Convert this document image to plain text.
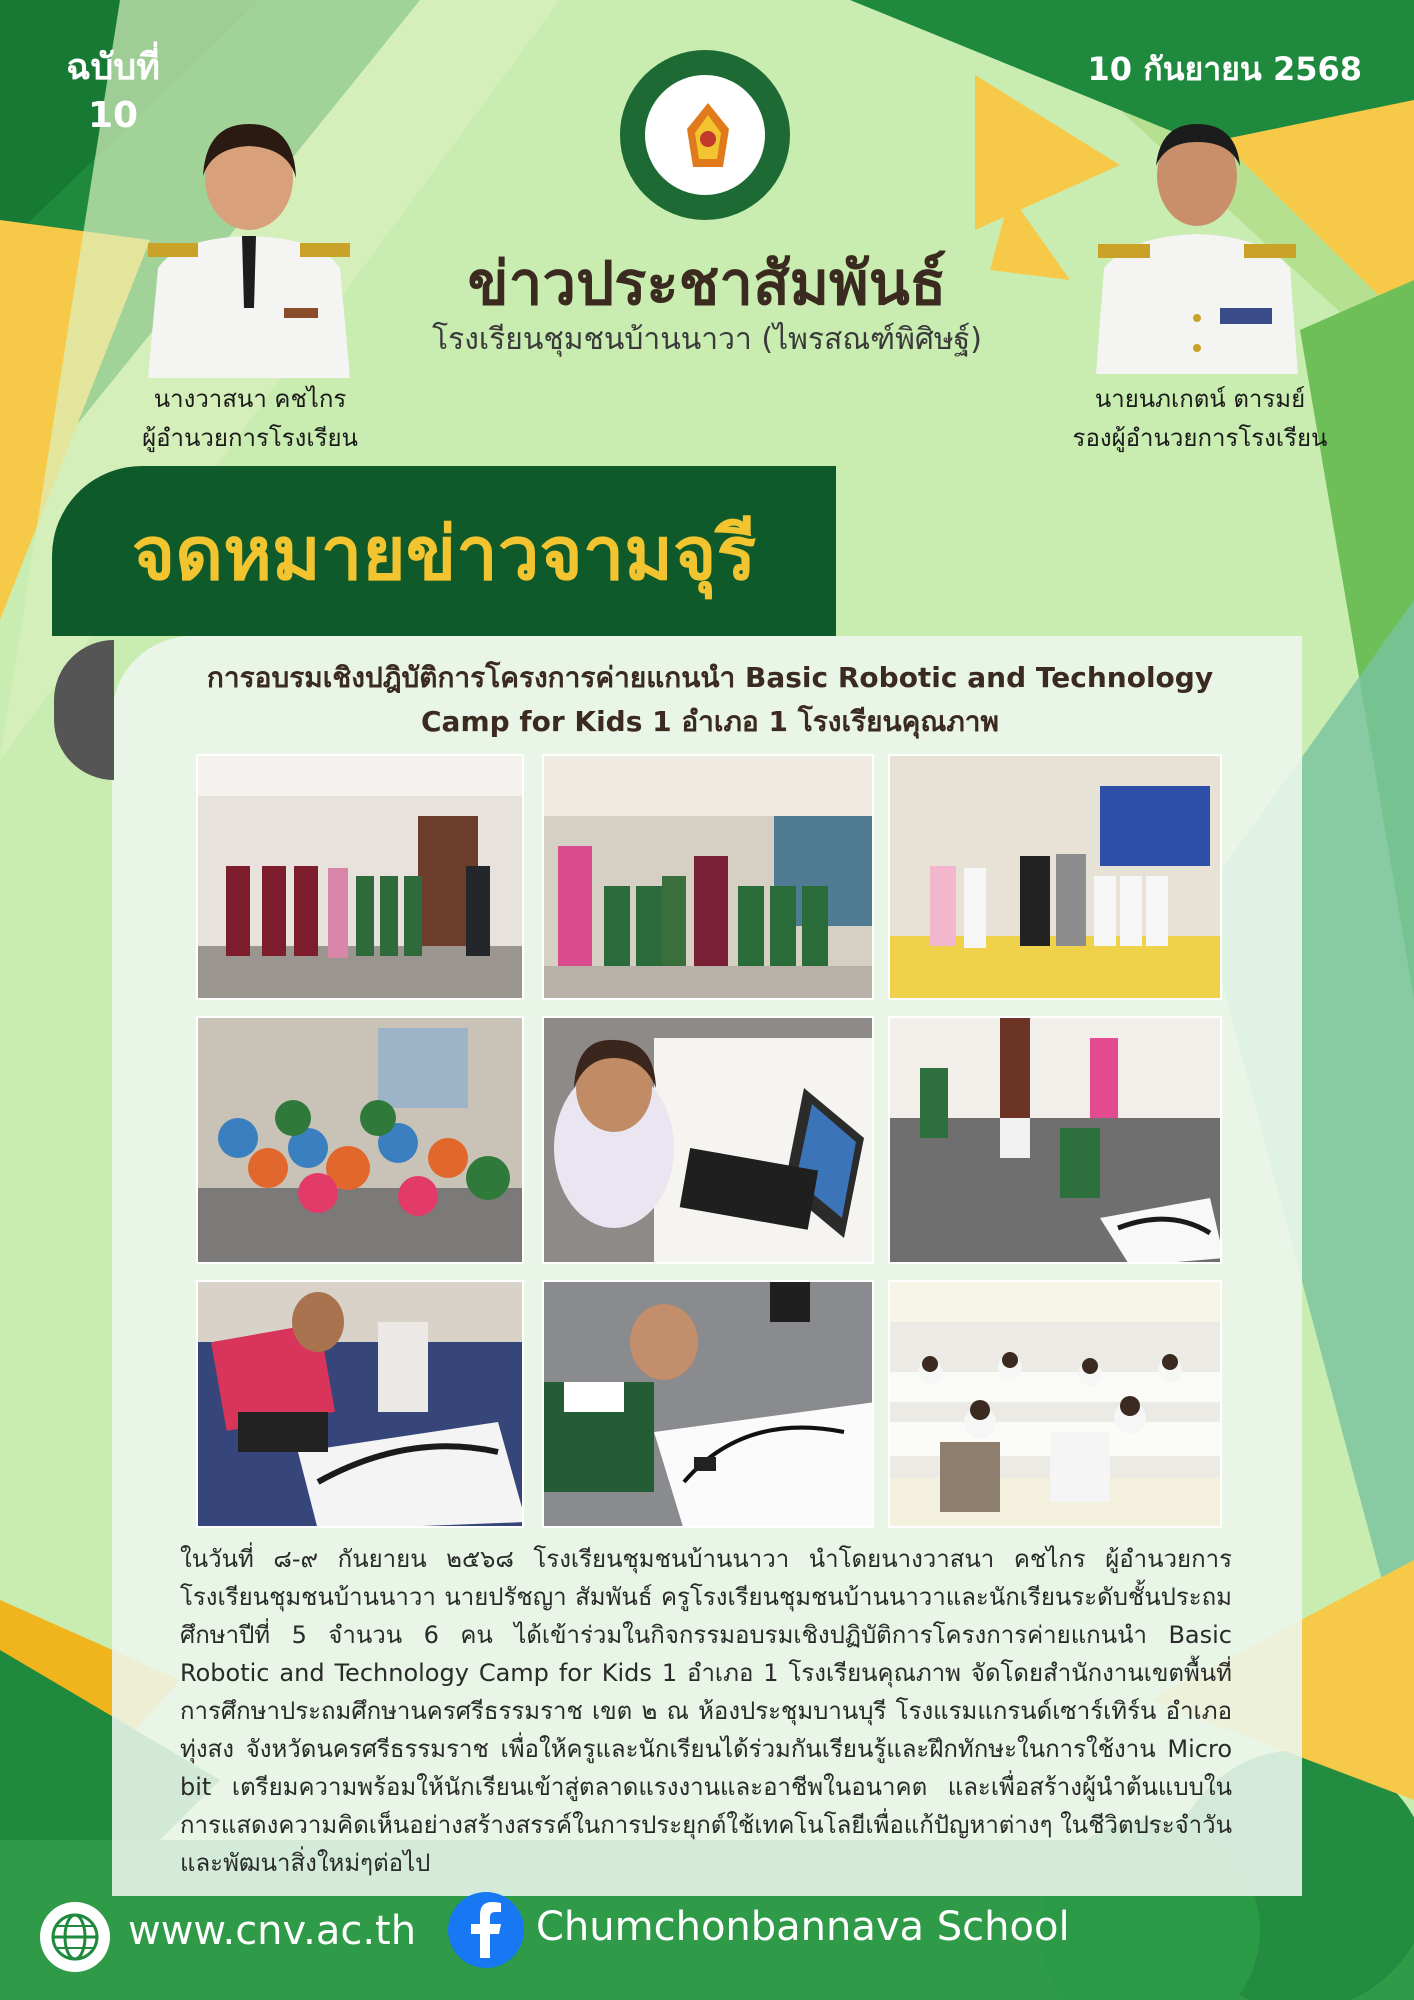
ฉบับที่
10
10 กันยายน 2568
นางวาสนา คชไกร
ผู้อำนวยการโรงเรียน
นายนภเกตน์ ตารมย์
รองผู้อำนวยการโรงเรียน
ข่าวประชาสัมพันธ์
โรงเรียนชุมชนบ้านนาวา (ไพรสณฑ์พิศิษฐ์)
จดหมายข่าวจามจุรี
การอบรมเชิงปฎิบัติการโครงการค่ายแกนนำ Basic Robotic and Technology
Camp for Kids 1 อำเภอ 1 โรงเรียนคุณภาพ
ในวันที่ ๘-๙ กันยายน ๒๕๖๘ โรงเรียนชุมชนบ้านนาวา นำโดยนางวาสนา คชไกร ผู้อำนวยการโรงเรียนชุมชนบ้านนาวา นายปรัชญา สัมพันธ์ ครูโรงเรียนชุมชนบ้านนาวาและนักเรียนระดับชั้นประถมศึกษาปีที่ 5 จำนวน 6 คน ได้เข้าร่วมในกิจกรรมอบรมเชิงปฏิบัติการโครงการค่ายแกนนำ Basic Robotic and Technology Camp for Kids 1 อำเภอ 1 โรงเรียนคุณภาพ จัดโดยสำนักงานเขตพื้นที่การศึกษาประถมศึกษานครศรีธรรมราช เขต ๒ ณ ห้องประชุมบานบุรี โรงแรมแกรนด์เซาร์เทิร์น อำเภอทุ่งสง จังหวัดนครศรีธรรมราช เพื่อให้ครูและนักเรียนได้ร่วมกันเรียนรู้และฝึกทักษะในการใช้งาน Micro bit เตรียมความพร้อมให้นักเรียนเข้าสู่ตลาดแรงงานและอาชีพในอนาคต และเพื่อสร้างผู้นำต้นแบบในการแสดงความคิดเห็นอย่างสร้างสรรค์ในการประยุกต์ใช้เทคโนโลยีเพื่อแก้ปัญหาต่างๆ ในชีวิตประจำวันและพัฒนาสิ่งใหม่ๆต่อไป
www.cnv.ac.th	Chumchonbannava School
